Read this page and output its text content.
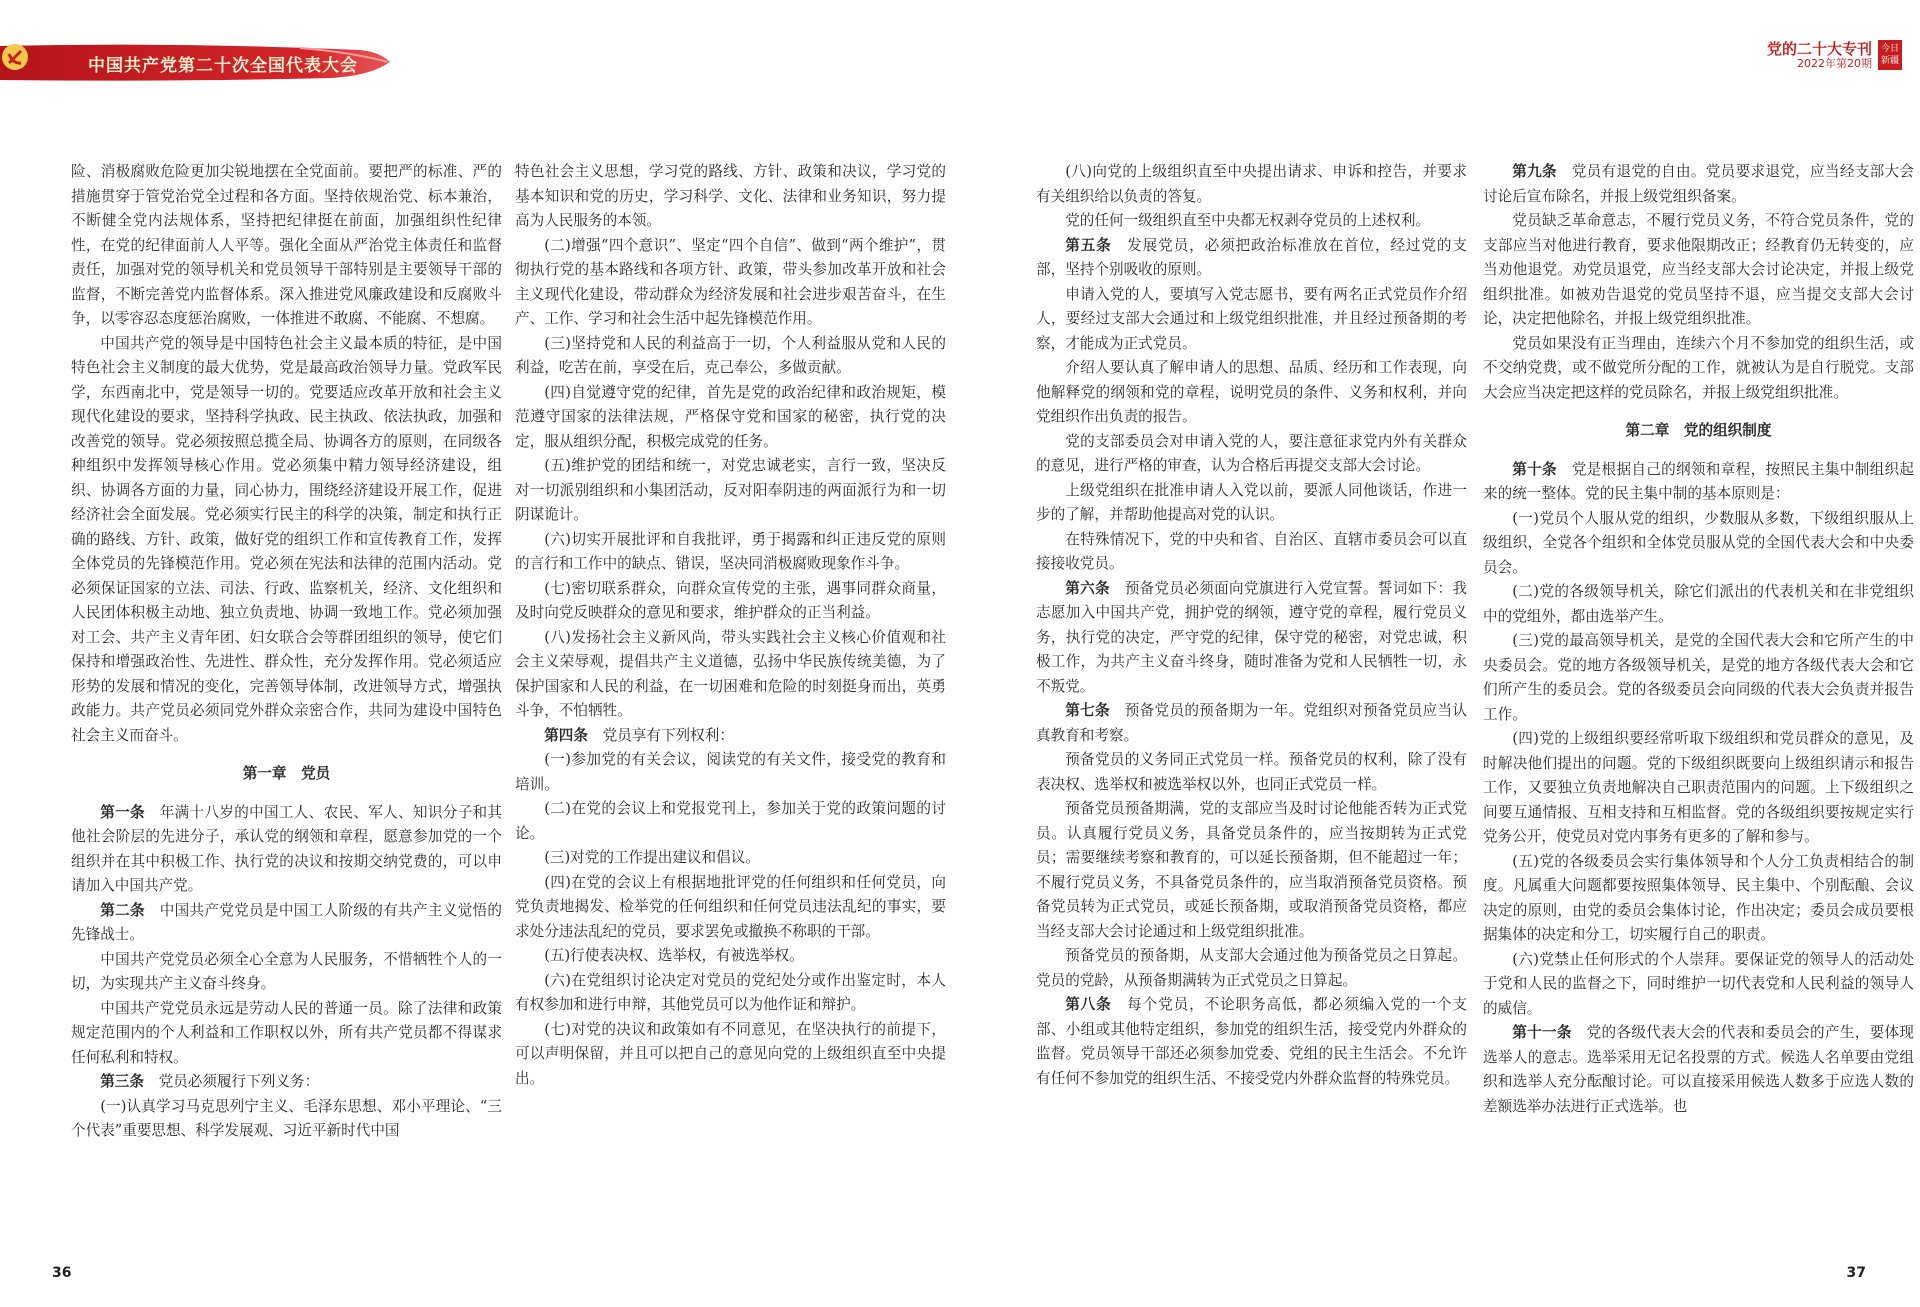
中国共产党第二十次全国代表大会
党的二十大专刊
2022年第20期
今日
新疆

险、消极腐败危险更加尖锐地摆在全党面前。要把严的标准、严的措施贯穿于管党治党全过程和各方面。坚持依规治党、标本兼治，不断健全党内法规体系，坚持把纪律挺在前面，加强组织性纪律性，在党的纪律面前人人平等。强化全面从严治党主体责任和监督责任，加强对党的领导机关和党员领导干部特别是主要领导干部的监督，不断完善党内监督体系。深入推进党风廉政建设和反腐败斗争，以零容忍态度惩治腐败，一体推进不敢腐、不能腐、不想腐。

中国共产党的领导是中国特色社会主义最本质的特征，是中国特色社会主义制度的最大优势，党是最高政治领导力量。党政军民学，东西南北中，党是领导一切的。党要适应改革开放和社会主义现代化建设的要求，坚持科学执政、民主执政、依法执政，加强和改善党的领导。党必须按照总揽全局、协调各方的原则，在同级各种组织中发挥领导核心作用。党必须集中精力领导经济建设，组织、协调各方面的力量，同心协力，围绕经济建设开展工作，促进经济社会全面发展。党必须实行民主的科学的决策，制定和执行正确的路线、方针、政策，做好党的组织工作和宣传教育工作，发挥全体党员的先锋模范作用。党必须在宪法和法律的范围内活动。党必须保证国家的立法、司法、行政、监察机关，经济、文化组织和人民团体积极主动地、独立负责地、协调一致地工作。党必须加强对工会、共产主义青年团、妇女联合会等群团组织的领导，使它们保持和增强政治性、先进性、群众性，充分发挥作用。党必须适应形势的发展和情况的变化，完善领导体制，改进领导方式，增强执政能力。共产党员必须同党外群众亲密合作，共同为建设中国特色社会主义而奋斗。

第一章　党员

第一条　年满十八岁的中国工人、农民、军人、知识分子和其他社会阶层的先进分子，承认党的纲领和章程，愿意参加党的一个组织并在其中积极工作、执行党的决议和按期交纳党费的，可以申请加入中国共产党。

第二条　中国共产党党员是中国工人阶级的有共产主义觉悟的先锋战士。

中国共产党党员必须全心全意为人民服务，不惜牺牲个人的一切，为实现共产主义奋斗终身。

中国共产党党员永远是劳动人民的普通一员。除了法律和政策规定范围内的个人利益和工作职权以外，所有共产党员都不得谋求任何私利和特权。

第三条　党员必须履行下列义务：

(一)认真学习马克思列宁主义、毛泽东思想、邓小平理论、“三个代表”重要思想、科学发展观、习近平新时代中国

特色社会主义思想，学习党的路线、方针、政策和决议，学习党的基本知识和党的历史，学习科学、文化、法律和业务知识，努力提高为人民服务的本领。

(二)增强“四个意识”、坚定“四个自信”、做到“两个维护”，贯彻执行党的基本路线和各项方针、政策，带头参加改革开放和社会主义现代化建设，带动群众为经济发展和社会进步艰苦奋斗，在生产、工作、学习和社会生活中起先锋模范作用。

(三)坚持党和人民的利益高于一切，个人利益服从党和人民的利益，吃苦在前，享受在后，克己奉公，多做贡献。

(四)自觉遵守党的纪律，首先是党的政治纪律和政治规矩，模范遵守国家的法律法规，严格保守党和国家的秘密，执行党的决定，服从组织分配，积极完成党的任务。

(五)维护党的团结和统一，对党忠诚老实，言行一致，坚决反对一切派别组织和小集团活动，反对阳奉阴违的两面派行为和一切阴谋诡计。

(六)切实开展批评和自我批评，勇于揭露和纠正违反党的原则的言行和工作中的缺点、错误，坚决同消极腐败现象作斗争。

(七)密切联系群众，向群众宣传党的主张，遇事同群众商量，及时向党反映群众的意见和要求，维护群众的正当利益。

(八)发扬社会主义新风尚，带头实践社会主义核心价值观和社会主义荣辱观，提倡共产主义道德，弘扬中华民族传统美德，为了保护国家和人民的利益，在一切困难和危险的时刻挺身而出，英勇斗争，不怕牺牲。

第四条　党员享有下列权利：

(一)参加党的有关会议，阅读党的有关文件，接受党的教育和培训。

(二)在党的会议上和党报党刊上，参加关于党的政策问题的讨论。

(三)对党的工作提出建议和倡议。

(四)在党的会议上有根据地批评党的任何组织和任何党员，向党负责地揭发、检举党的任何组织和任何党员违法乱纪的事实，要求处分违法乱纪的党员，要求罢免或撤换不称职的干部。

(五)行使表决权、选举权，有被选举权。

(六)在党组织讨论决定对党员的党纪处分或作出鉴定时，本人有权参加和进行申辩，其他党员可以为他作证和辩护。

(七)对党的决议和政策如有不同意见，在坚决执行的前提下，可以声明保留，并且可以把自己的意见向党的上级组织直至中央提出。

(八)向党的上级组织直至中央提出请求、申诉和控告，并要求有关组织给以负责的答复。

党的任何一级组织直至中央都无权剥夺党员的上述权利。

第五条　发展党员，必须把政治标准放在首位，经过党的支部，坚持个别吸收的原则。

申请入党的人，要填写入党志愿书，要有两名正式党员作介绍人，要经过支部大会通过和上级党组织批准，并且经过预备期的考察，才能成为正式党员。

介绍人要认真了解申请人的思想、品质、经历和工作表现，向他解释党的纲领和党的章程，说明党员的条件、义务和权利，并向党组织作出负责的报告。

党的支部委员会对申请入党的人，要注意征求党内外有关群众的意见，进行严格的审查，认为合格后再提交支部大会讨论。

上级党组织在批准申请人入党以前，要派人同他谈话，作进一步的了解，并帮助他提高对党的认识。

在特殊情况下，党的中央和省、自治区、直辖市委员会可以直接接收党员。

第六条　预备党员必须面向党旗进行入党宣誓。誓词如下：我志愿加入中国共产党，拥护党的纲领，遵守党的章程，履行党员义务，执行党的决定，严守党的纪律，保守党的秘密，对党忠诚，积极工作，为共产主义奋斗终身，随时准备为党和人民牺牲一切，永不叛党。

第七条　预备党员的预备期为一年。党组织对预备党员应当认真教育和考察。

预备党员的义务同正式党员一样。预备党员的权利，除了没有表决权、选举权和被选举权以外，也同正式党员一样。

预备党员预备期满，党的支部应当及时讨论他能否转为正式党员。认真履行党员义务，具备党员条件的，应当按期转为正式党员；需要继续考察和教育的，可以延长预备期，但不能超过一年；不履行党员义务，不具备党员条件的，应当取消预备党员资格。预备党员转为正式党员，或延长预备期，或取消预备党员资格，都应当经支部大会讨论通过和上级党组织批准。

预备党员的预备期，从支部大会通过他为预备党员之日算起。党员的党龄，从预备期满转为正式党员之日算起。

第八条　每个党员，不论职务高低，都必须编入党的一个支部、小组或其他特定组织，参加党的组织生活，接受党内外群众的监督。党员领导干部还必须参加党委、党组的民主生活会。不允许有任何不参加党的组织生活、不接受党内外群众监督的特殊党员。

第九条　党员有退党的自由。党员要求退党，应当经支部大会讨论后宣布除名，并报上级党组织备案。

党员缺乏革命意志，不履行党员义务，不符合党员条件，党的支部应当对他进行教育，要求他限期改正；经教育仍无转变的，应当劝他退党。劝党员退党，应当经支部大会讨论决定，并报上级党组织批准。如被劝告退党的党员坚持不退，应当提交支部大会讨论，决定把他除名，并报上级党组织批准。

党员如果没有正当理由，连续六个月不参加党的组织生活，或不交纳党费，或不做党所分配的工作，就被认为是自行脱党。支部大会应当决定把这样的党员除名，并报上级党组织批准。

第二章　党的组织制度

第十条　党是根据自己的纲领和章程，按照民主集中制组织起来的统一整体。党的民主集中制的基本原则是：

(一)党员个人服从党的组织，少数服从多数，下级组织服从上级组织，全党各个组织和全体党员服从党的全国代表大会和中央委员会。

(二)党的各级领导机关，除它们派出的代表机关和在非党组织中的党组外，都由选举产生。

(三)党的最高领导机关，是党的全国代表大会和它所产生的中央委员会。党的地方各级领导机关，是党的地方各级代表大会和它们所产生的委员会。党的各级委员会向同级的代表大会负责并报告工作。

(四)党的上级组织要经常听取下级组织和党员群众的意见，及时解决他们提出的问题。党的下级组织既要向上级组织请示和报告工作，又要独立负责地解决自己职责范围内的问题。上下级组织之间要互通情报、互相支持和互相监督。党的各级组织要按规定实行党务公开，使党员对党内事务有更多的了解和参与。

(五)党的各级委员会实行集体领导和个人分工负责相结合的制度。凡属重大问题都要按照集体领导、民主集中、个别酝酿、会议决定的原则，由党的委员会集体讨论，作出决定；委员会成员要根据集体的决定和分工，切实履行自己的职责。

(六)党禁止任何形式的个人崇拜。要保证党的领导人的活动处于党和人民的监督之下，同时维护一切代表党和人民利益的领导人的威信。

第十一条　党的各级代表大会的代表和委员会的产生，要体现选举人的意志。选举采用无记名投票的方式。候选人名单要由党组织和选举人充分酝酿讨论。可以直接采用候选人数多于应选人数的差额选举办法进行正式选举。也

36	37
